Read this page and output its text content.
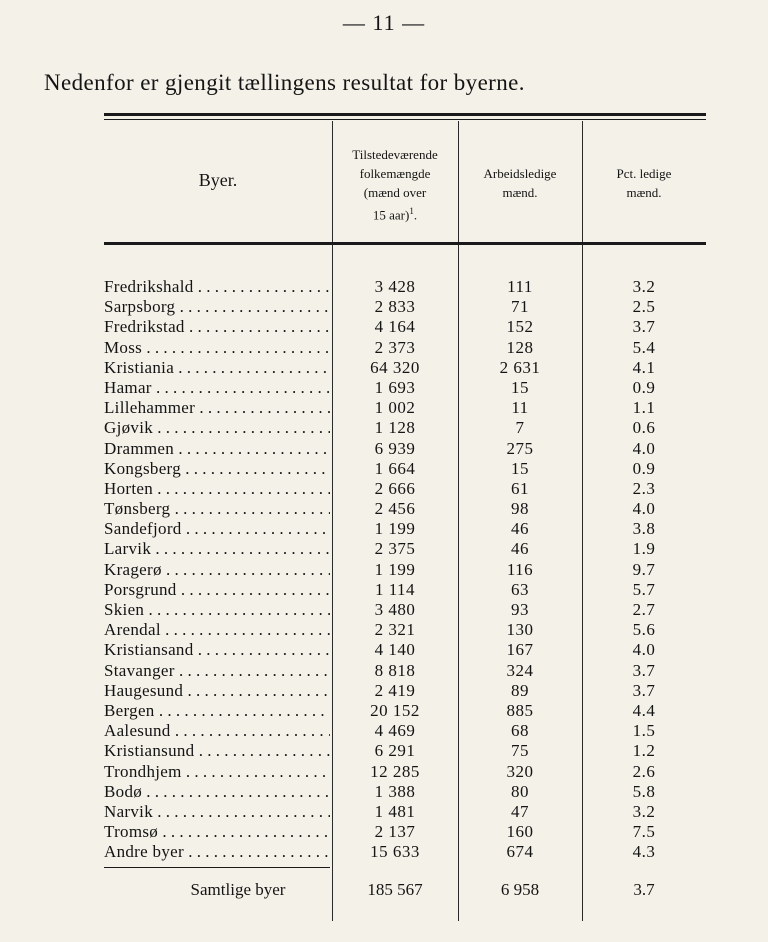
— 11 —
Nedenfor er gjengit tællingens resultat for byerne.
Byer.
Tilstedeværende
folkemængde
(mænd over
15 aar)$^1$.
Arbeidsledige
mænd.
Pct. ledige
mænd.
Fredrikshald . . .	3 428	111	3.2
Sarpsborg . . .	2 833	71	2.5
Fredrikstad . . .	4 164	152	3.7
Moss . . .	2 373	128	5.4
Kristiania . . .	64 320	2 631	4.1
Hamar . . .	1 693	15	0.9
Lillehammer . . .	1 002	11	1.1
Gjøvik . . .	1 128	7	0.6
Drammen . . .	6 939	275	4.0
Kongsberg . . .	1 664	15	0.9
Horten . . .	2 666	61	2.3
Tønsberg . . .	2 456	98	4.0
Sandefjord . . .	1 199	46	3.8
Larvik . . .	2 375	46	1.9
Kragerø . . .	1 199	116	9.7
Porsgrund . . .	1 114	63	5.7
Skien . . .	3 480	93	2.7
Arendal . . .	2 321	130	5.6
Kristiansand . . .	4 140	167	4.0
Stavanger . . .	8 818	324	3.7
Haugesund . . .	2 419	89	3.7
Bergen . . .	20 152	885	4.4
Aalesund . . .	4 469	68	1.5
Kristiansund . . .	6 291	75	1.2
Trondhjem . . .	12 285	320	2.6
Bodø . . .	1 388	80	5.8
Narvik . . .	1 481	47	3.2
Tromsø . . .	2 137	160	7.5
Andre byer . . .	15 633	674	4.3
Samtlige byer	185 567	6 958	3.7
